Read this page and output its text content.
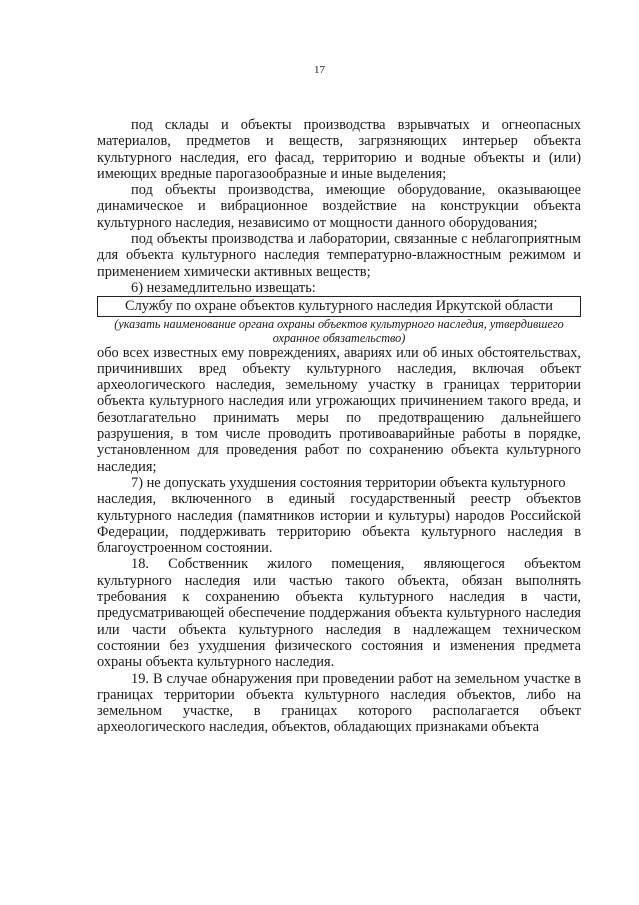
17

под склады и объекты производства взрывчатых и огнеопасных материалов, предметов и веществ, загрязняющих интерьер объекта культурного наследия, его фасад, территорию и водные объекты и (или) имеющих вредные парогазообразные и иные выделения;

под объекты производства, имеющие оборудование, оказывающее динамическое и вибрационное воздействие на конструкции объекта культурного наследия, независимо от мощности данного оборудования;

под объекты производства и лаборатории, связанные с неблагоприятным для объекта культурного наследия температурно-влажностным режимом и применением химически активных веществ;

6) незамедлительно извещать:

Службу по охране объектов культурного наследия Иркутской области

(указать наименование органа охраны объектов культурного наследия, утвердившего охранное обязательство)

обо всех известных ему повреждениях, авариях или об иных обстоятельствах, причинивших вред объекту культурного наследия, включая объект археологического наследия, земельному участку в границах территории объекта культурного наследия или угрожающих причинением такого вреда, и безотлагательно принимать меры по предотвращению дальнейшего разрушения, в том числе проводить противоаварийные работы в порядке, установленном для проведения работ по сохранению объекта культурного наследия;

7) не допускать ухудшения состояния территории объекта культурного

наследия, включенного в единый государственный реестр объектов культурного наследия (памятников истории и культуры) народов Российской Федерации, поддерживать территорию объекта культурного наследия в благоустроенном состоянии.

18. Собственник жилого помещения, являющегося объектом культурного наследия или частью такого объекта, обязан выполнять требования к сохранению объекта культурного наследия в части, предусматривающей обеспечение поддержания объекта культурного наследия или части объекта культурного наследия в надлежащем техническом состоянии без ухудшения физического состояния и изменения предмета охраны объекта культурного наследия.

19. В случае обнаружения при проведении работ на земельном участке в границах территории объекта культурного наследия объектов, либо на земельном участке, в границах которого располагается объект археологического наследия, объектов, обладающих признаками объекта
